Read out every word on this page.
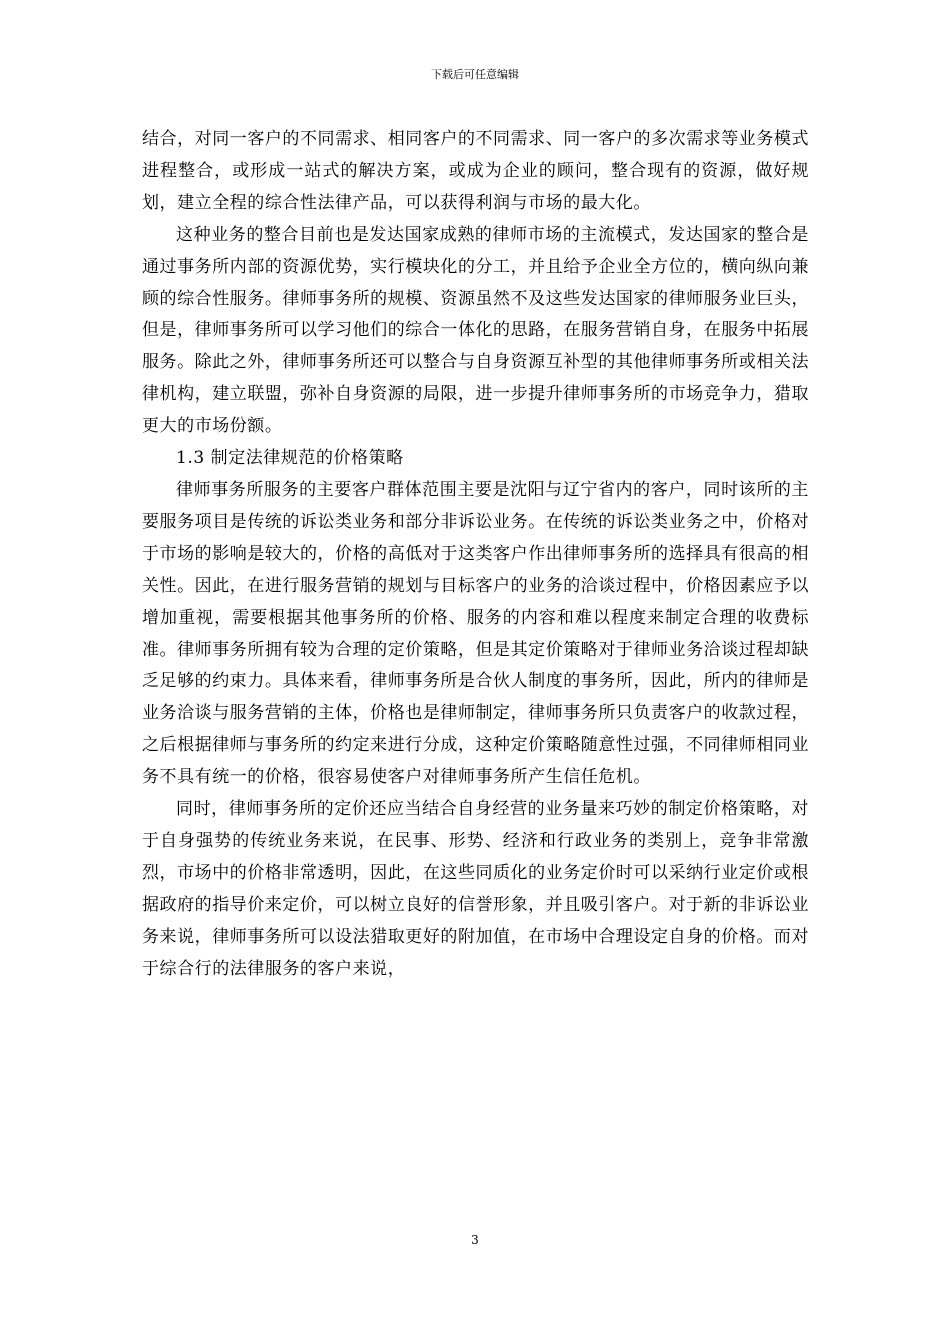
下载后可任意编辑

结合，对同一客户的不同需求、相同客户的不同需求、同一客户的多次需求等业务模式进程整合，或形成一站式的解决方案，或成为企业的顾问，整合现有的资源，做好规划，建立全程的综合性法律产品，可以获得利润与市场的最大化。

这种业务的整合目前也是发达国家成熟的律师市场的主流模式，发达国家的整合是通过事务所内部的资源优势，实行模块化的分工，并且给予企业全方位的，横向纵向兼顾的综合性服务。律师事务所的规模、资源虽然不及这些发达国家的律师服务业巨头，但是，律师事务所可以学习他们的综合一体化的思路，在服务营销自身，在服务中拓展服务。除此之外，律师事务所还可以整合与自身资源互补型的其他律师事务所或相关法律机构，建立联盟，弥补自身资源的局限，进一步提升律师事务所的市场竞争力，猎取更大的市场份额。

1.3 制定法律规范的价格策略

律师事务所服务的主要客户群体范围主要是沈阳与辽宁省内的客户，同时该所的主要服务项目是传统的诉讼类业务和部分非诉讼业务。在传统的诉讼类业务之中，价格对于市场的影响是较大的，价格的高低对于这类客户作出律师事务所的选择具有很高的相关性。因此，在进行服务营销的规划与目标客户的业务的洽谈过程中，价格因素应予以增加重视，需要根据其他事务所的价格、服务的内容和难以程度来制定合理的收费标准。律师事务所拥有较为合理的定价策略，但是其定价策略对于律师业务洽谈过程却缺乏足够的约束力。具体来看，律师事务所是合伙人制度的事务所，因此，所内的律师是业务洽谈与服务营销的主体，价格也是律师制定，律师事务所只负责客户的收款过程，之后根据律师与事务所的约定来进行分成，这种定价策略随意性过强，不同律师相同业务不具有统一的价格，很容易使客户对律师事务所产生信任危机。

同时，律师事务所的定价还应当结合自身经营的业务量来巧妙的制定价格策略，对于自身强势的传统业务来说，在民事、形势、经济和行政业务的类别上，竞争非常激烈，市场中的价格非常透明，因此，在这些同质化的业务定价时可以采纳行业定价或根据政府的指导价来定价，可以树立良好的信誉形象，并且吸引客户。对于新的非诉讼业务来说，律师事务所可以设法猎取更好的附加值，在市场中合理设定自身的价格。而对于综合行的法律服务的客户来说，

3
